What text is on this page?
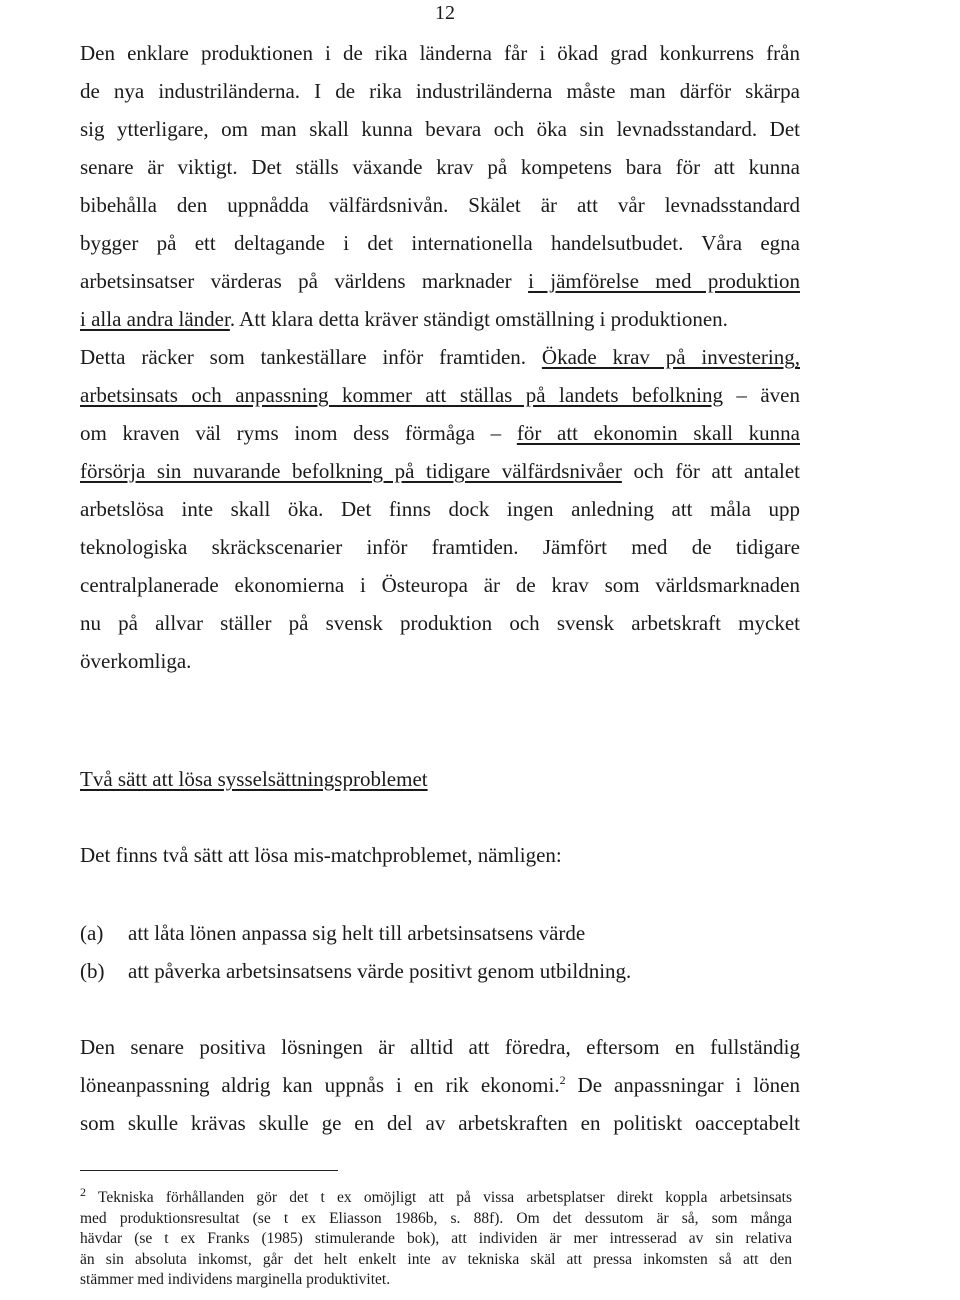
12
Den enklare produktionen i de rika länderna får i ökad grad konkurrens från
de nya industriländerna. I de rika industriländerna måste man därför skärpa
sig ytterligare, om man skall kunna bevara och öka sin levnadsstandard. Det
senare är viktigt. Det ställs växande krav på kompetens bara för att kunna
bibehålla den uppnådda välfärdsnivån. Skälet är att vår levnadsstandard
bygger på ett deltagande i det internationella handelsutbudet. Våra egna
arbetsinsatser värderas på världens marknader i jämförelse med produktion
i alla andra länder. Att klara detta kräver ständigt omställning i produktionen.
Detta räcker som tankeställare inför framtiden. Ökade krav på investering,
arbetsinsats och anpassning kommer att ställas på landets befolkning – även
om kraven väl ryms inom dess förmåga – för att ekonomin skall kunna
försörja sin nuvarande befolkning på tidigare välfärdsnivåer och för att antalet
arbetslösa inte skall öka. Det finns dock ingen anledning att måla upp
teknologiska skräckscenarier inför framtiden. Jämfört med de tidigare
centralplanerade ekonomierna i Östeuropa är de krav som världsmarknaden
nu på allvar ställer på svensk produktion och svensk arbetskraft mycket
överkomliga.
Två sätt att lösa sysselsättningsproblemet
Det finns två sätt att lösa mis-matchproblemet, nämligen:
(a)	att låta lönen anpassa sig helt till arbetsinsatsens värde
(b)	att påverka arbetsinsatsens värde positivt genom utbildning.
Den senare positiva lösningen är alltid att föredra, eftersom en fullständig
löneanpassning aldrig kan uppnås i en rik ekonomi.$^2$ De anpassningar i lönen
som skulle krävas skulle ge en del av arbetskraften en politiskt oacceptabelt
$^2$ Tekniska förhållanden gör det t ex omöjligt att på vissa arbetsplatser direkt koppla arbetsinsats
med produktionsresultat (se t ex Eliasson 1986b, s. 88f). Om det dessutom är så, som många
hävdar (se t ex Franks (1985) stimulerande bok), att individen är mer intresserad av sin relativa
än sin absoluta inkomst, går det helt enkelt inte av tekniska skäl att pressa inkomsten så att den
stämmer med individens marginella produktivitet.
